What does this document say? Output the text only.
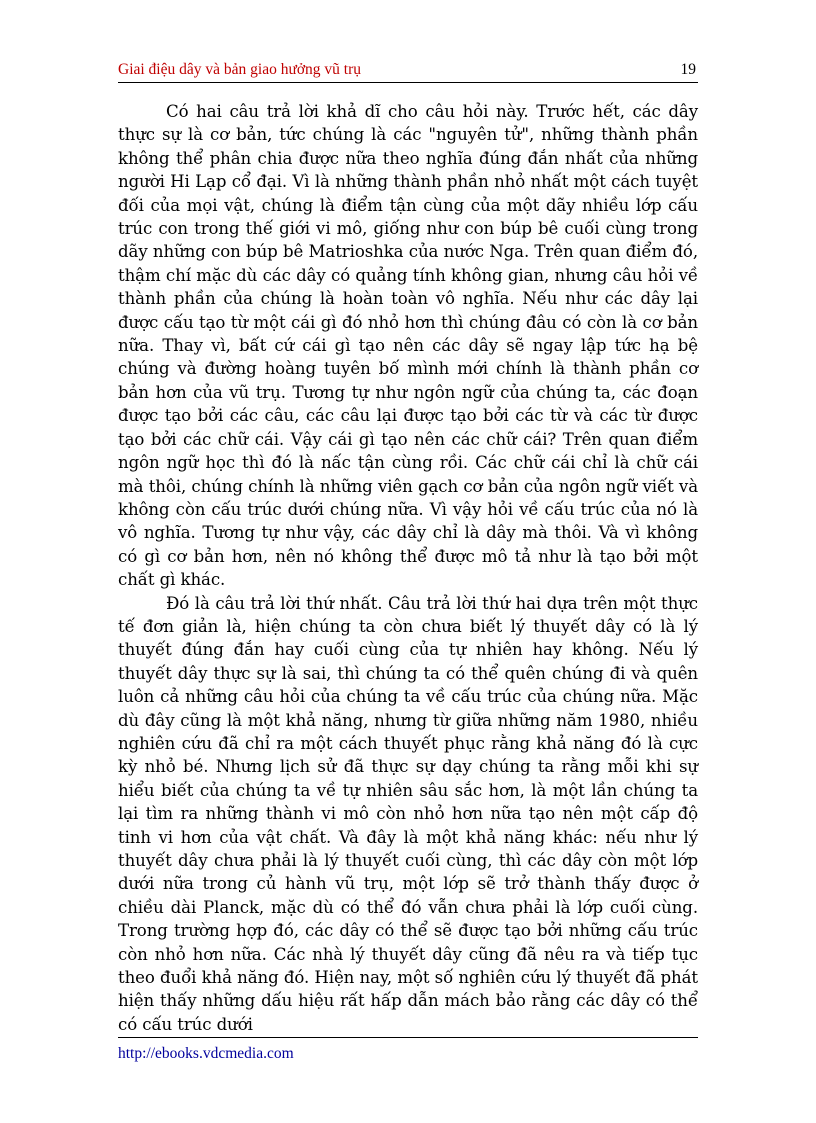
Giai điệu dây và bản giao hưởng vũ trụ	19

Có hai câu trả lời khả dĩ cho câu hỏi này. Trước hết, các dây thực sự là cơ bản, tức chúng là các "nguyên tử", những thành phần không thể phân chia được nữa theo nghĩa đúng đắn nhất của những người Hi Lạp cổ đại. Vì là những thành phần nhỏ nhất một cách tuyệt đối của mọi vật, chúng là điểm tận cùng của một dãy nhiều lớp cấu trúc con trong thế giới vi mô, giống như con búp bê cuối cùng trong dãy những con búp bê Matrioshka của nước Nga. Trên quan điểm đó, thậm chí mặc dù các dây có quảng tính không gian, nhưng câu hỏi về thành phần của chúng là hoàn toàn vô nghĩa. Nếu như các dây lại được cấu tạo từ một cái gì đó nhỏ hơn thì chúng đâu có còn là cơ bản nữa. Thay vì, bất cứ cái gì tạo nên các dây sẽ ngay lập tức hạ bệ chúng và đường hoàng tuyên bố mình mới chính là thành phần cơ bản hơn của vũ trụ. Tương tự như ngôn ngữ của chúng ta, các đoạn được tạo bởi các câu, các câu lại được tạo bởi các từ và các từ được tạo bởi các chữ cái. Vậy cái gì tạo nên các chữ cái? Trên quan điểm ngôn ngữ học thì đó là nấc tận cùng rồi. Các chữ cái chỉ là chữ cái mà thôi, chúng chính là những viên gạch cơ bản của ngôn ngữ viết và không còn cấu trúc dưới chúng nữa. Vì vậy hỏi về cấu trúc của nó là vô nghĩa. Tương tự như vậy, các dây chỉ là dây mà thôi. Và vì không có gì cơ bản hơn, nên nó không thể được mô tả như là tạo bởi một chất gì khác.

Đó là câu trả lời thứ nhất. Câu trả lời thứ hai dựa trên một thực tế đơn giản là, hiện chúng ta còn chưa biết lý thuyết dây có là lý thuyết đúng đắn hay cuối cùng của tự nhiên hay không. Nếu lý thuyết dây thực sự là sai, thì chúng ta có thể quên chúng đi và quên luôn cả những câu hỏi của chúng ta về cấu trúc của chúng nữa. Mặc dù đây cũng là một khả năng, nhưng từ giữa những năm 1980, nhiều nghiên cứu đã chỉ ra một cách thuyết phục rằng khả năng đó là cực kỳ nhỏ bé. Nhưng lịch sử đã thực sự dạy chúng ta rằng mỗi khi sự hiểu biết của chúng ta về tự nhiên sâu sắc hơn, là một lần chúng ta lại tìm ra những thành vi mô còn nhỏ hơn nữa tạo nên một cấp độ tinh vi hơn của vật chất. Và đây là một khả năng khác: nếu như lý thuyết dây chưa phải là lý thuyết cuối cùng, thì các dây còn một lớp dưới nữa trong củ hành vũ trụ, một lớp sẽ trở thành thấy được ở chiều dài Planck, mặc dù có thể đó vẫn chưa phải là lớp cuối cùng. Trong trường hợp đó, các dây có thể sẽ được tạo bởi những cấu trúc còn nhỏ hơn nữa. Các nhà lý thuyết dây cũng đã nêu ra và tiếp tục theo đuổi khả năng đó. Hiện nay, một số nghiên cứu lý thuyết đã phát hiện thấy những dấu hiệu rất hấp dẫn mách bảo rằng các dây có thể có cấu trúc dưới

http://ebooks.vdcmedia.com
